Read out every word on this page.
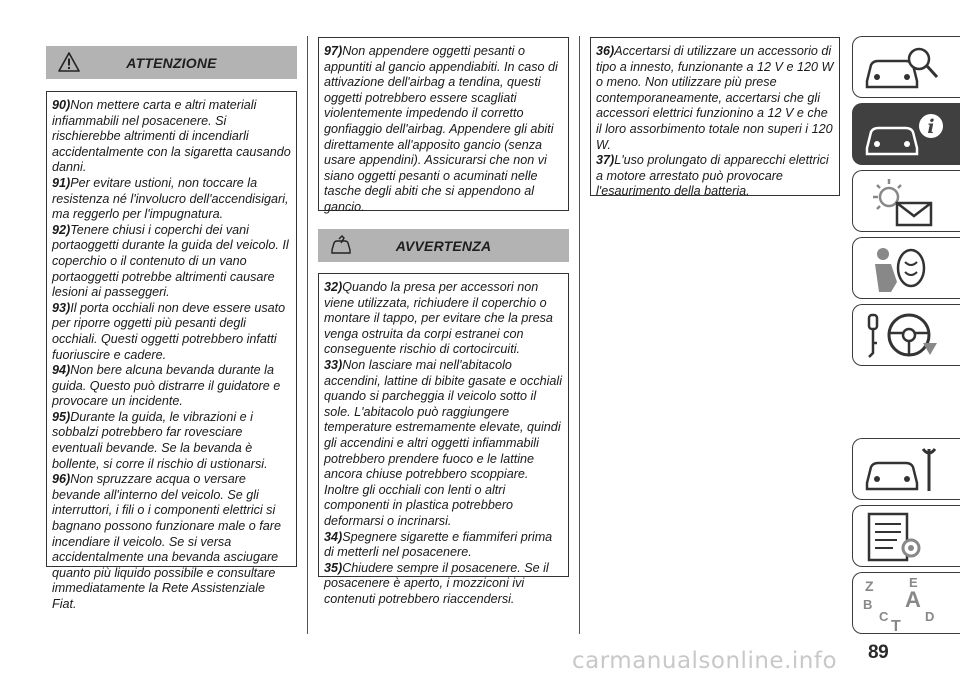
ATTENZIONE

90)Non mettere carta e altri materiali infiammabili nel posacenere. Si rischierebbe altrimenti di incendiarli accidentalmente con la sigaretta causando danni.

91)Per evitare ustioni, non toccare la resistenza né l'involucro dell'accendisigari, ma reggerlo per l'impugnatura.

92)Tenere chiusi i coperchi dei vani portaoggetti durante la guida del veicolo. Il coperchio o il contenuto di un vano portaoggetti potrebbe altrimenti causare lesioni ai passeggeri.

93)Il porta occhiali non deve essere usato per riporre oggetti più pesanti degli occhiali. Questi oggetti potrebbero infatti fuoriuscire e cadere.

94)Non bere alcuna bevanda durante la guida. Questo può distrarre il guidatore e provocare un incidente.

95)Durante la guida, le vibrazioni e i sobbalzi potrebbero far rovesciare eventuali bevande. Se la bevanda è bollente, si corre il rischio di ustionarsi.

96)Non spruzzare acqua o versare bevande all'interno del veicolo. Se gli interruttori, i fili o i componenti elettrici si bagnano possono funzionare male o fare incendiare il veicolo. Se si versa accidentalmente una bevanda asciugare quanto più liquido possibile e consultare immediatamente la Rete Assistenziale Fiat.

97)Non appendere oggetti pesanti o appuntiti al gancio appendiabiti. In caso di attivazione dell'airbag a tendina, questi oggetti potrebbero essere scagliati violentemente impedendo il corretto gonfiaggio dell'airbag. Appendere gli abiti direttamente all'apposito gancio (senza usare appendini). Assicurarsi che non vi siano oggetti pesanti o acuminati nelle tasche degli abiti che si appendono al gancio.

AVVERTENZA

32)Quando la presa per accessori non viene utilizzata, richiudere il coperchio o montare il tappo, per evitare che la presa venga ostruita da corpi estranei con conseguente rischio di cortocircuiti.

33)Non lasciare mai nell'abitacolo accendini, lattine di bibite gasate e occhiali quando si parcheggia il veicolo sotto il sole. L'abitacolo può raggiungere temperature estremamente elevate, quindi gli accendini e altri oggetti infiammabili potrebbero prendere fuoco e le lattine ancora chiuse potrebbero scoppiare. Inoltre gli occhiali con lenti o altri componenti in plastica potrebbero deformarsi o incrinarsi.

34)Spegnere sigarette e fiammiferi prima di metterli nel posacenere.

35)Chiudere sempre il posacenere. Se il posacenere è aperto, i mozziconi ivi contenuti potrebbero riaccendersi.

36)Accertarsi di utilizzare un accessorio di tipo a innesto, funzionante a 12 V e 120 W o meno. Non utilizzare più prese contemporaneamente, accertarsi che gli accessori elettrici funzionino a 12 V e che il loro assorbimento totale non superi i 120 W.

37)L'uso prolungato di apparecchi elettrici a motore arrestato può provocare l'esaurimento della batteria.

i
Z	E
B A
C	D
T
89
carmanualsonline.info
